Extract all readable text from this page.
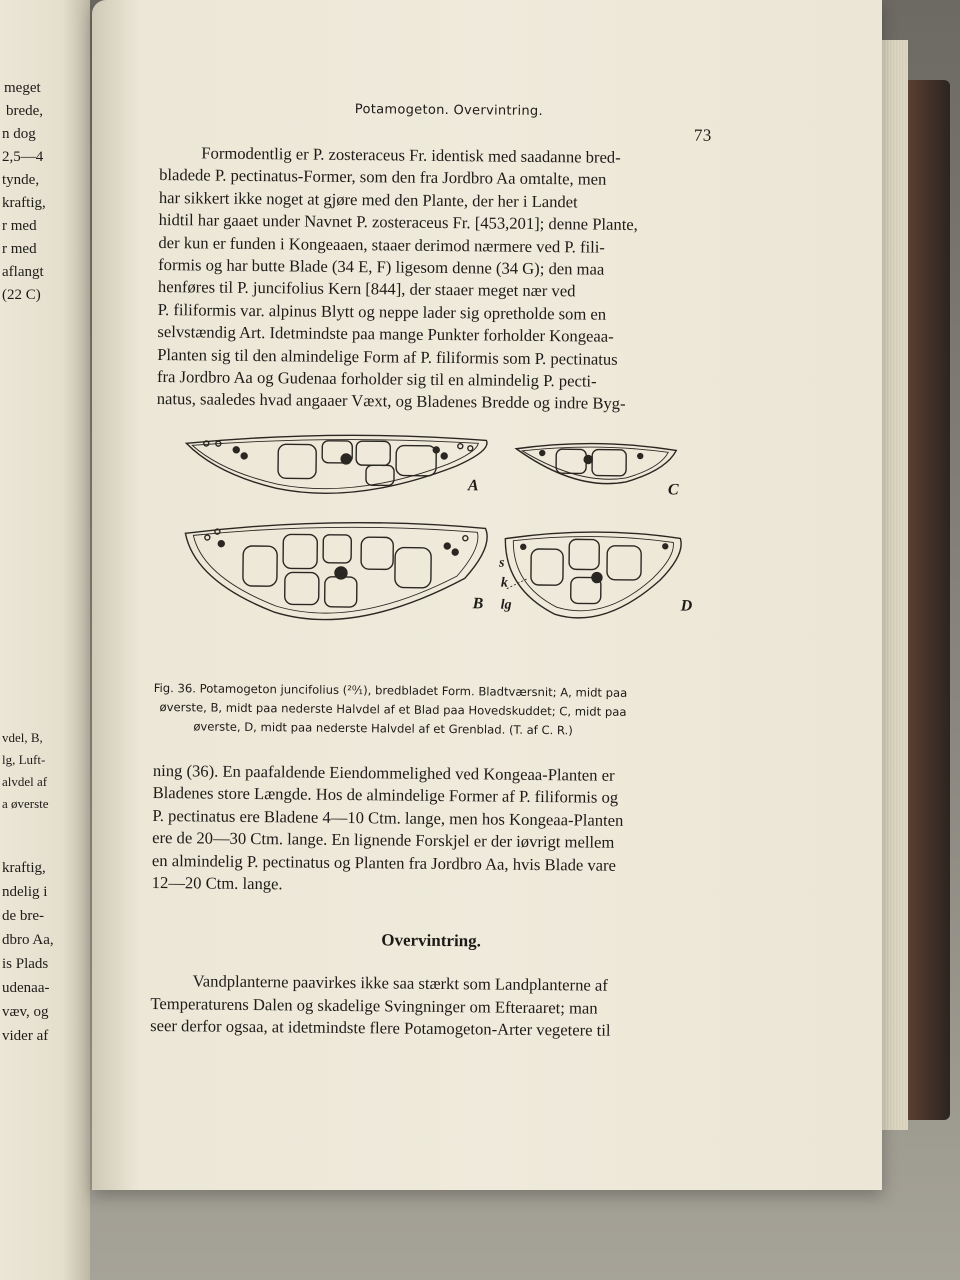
meget
brede,
n dog
2,5—4
tynde,
kraftig,
r med
r med
aflangt
(22 C)
vdel, B,
lg, Luft-
alvdel af
a øverste
kraftig,
ndelig i
de bre-
dbro Aa,
is Plads
udenaa-
væv, og
vider af
Potamogeton. Overvintring.
73

Formodentlig er P. zosteraceus Fr. identisk med saadanne bred-
bladede P. pectinatus-Former, som den fra Jordbro Aa omtalte, men
har sikkert ikke noget at gjøre med den Plante, der her i Landet
hidtil har gaaet under Navnet P. zosteraceus Fr. [453,201]; denne Plante,
der kun er funden i Kongeaaen, staaer derimod nærmere ved P. fili-
formis og har butte Blade (34 E, F) ligesom denne (34 G); den maa
henføres til P. juncifolius Kern [844], der staaer meget nær ved
P. filiformis var. alpinus Blytt og neppe lader sig opretholde som en
selvstændig Art. Idetmindste paa mange Punkter forholder Kongeaa-
Planten sig til den almindelige Form af P. filiformis som P. pectinatus
fra Jordbro Aa og Gudenaa forholder sig til en almindelig P. pecti-
natus, saaledes hvad angaaer Væxt, og Bladenes Bredde og indre Byg-

A
B
C
D
s
k
lg
Fig. 36. Potamogeton juncifolius (²⁰⁄₁), bredbladet Form. Bladtværsnit; A, midt paa
øverste, B, midt paa nederste Halvdel af et Blad paa Hovedskuddet; C, midt paa
øverste, D, midt paa nederste Halvdel af et Grenblad. (T. af C. R.)

ning (36). En paafaldende Eiendommelighed ved Kongeaa-Planten er
Bladenes store Længde. Hos de almindelige Former af P. filiformis og
P. pectinatus ere Bladene 4—10 Ctm. lange, men hos Kongeaa-Planten
ere de 20—30 Ctm. lange. En lignende Forskjel er der iøvrigt mellem
en almindelig P. pectinatus og Planten fra Jordbro Aa, hvis Blade vare
12—20 Ctm. lange.

Overvintring.

Vandplanterne paavirkes ikke saa stærkt som Landplanterne af
Temperaturens Dalen og skadelige Svingninger om Efteraaret; man
seer derfor ogsaa, at idetmindste flere Potamogeton-Arter vegetere til
